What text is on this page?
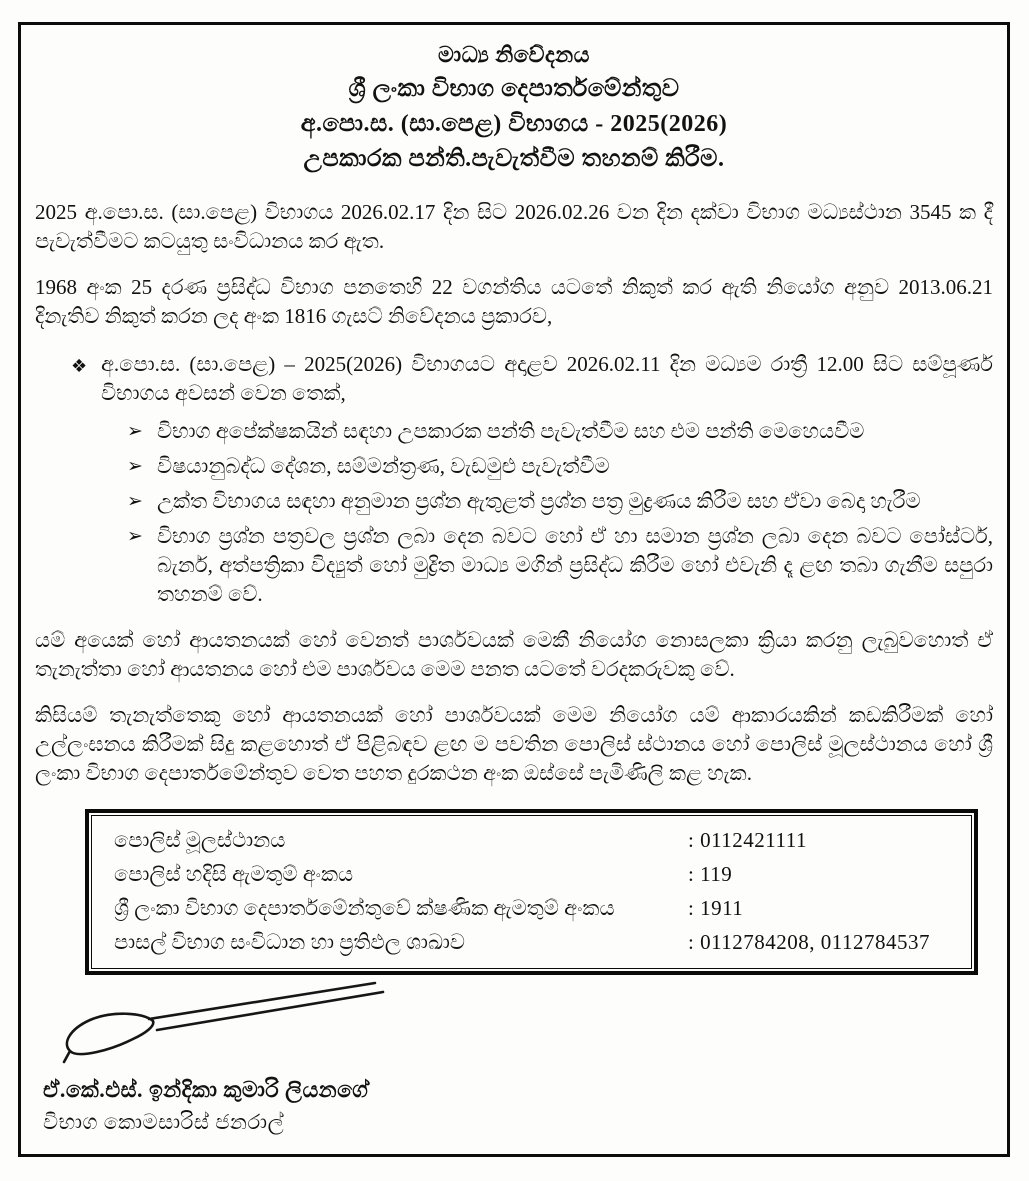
මාධ්‍ය නිවේදනය
ශ්‍රී ලංකා විභාග දෙපාර්තමේන්තුව
අ.පො.ස. (සා.පෙළ) විභාගය - 2025(2026)
උපකාරක පන්ති.පැවැත්වීම තහනම් කිරීම.

2025 අ.පො.ස. (සා.පෙළ) විභාගය 2026.02.17 දින සිට 2026.02.26 වන දින දක්වා විභාග මධ්‍යස්ථාන 3545 ක දී පැවැත්වීමට කටයුතු සංවිධානය කර ඇත.

1968 අංක 25 දරණ ප්‍රසිද්ධ විභාග පනතෙහි 22 වගන්තිය යටතේ නිකුත් කර ඇති නියෝග අනුව 2013.06.21 දිනැතිව නිකුත් කරන ලද අංක 1816 ගැසට් නිවේදනය ප්‍රකාරව,

❖ අ.පො.ස. (සා.පෙළ) – 2025(2026) විභාගයට අදාළව 2026.02.11 දින මධ්‍යම රාත්‍රී 12.00 සිට සම්පූර්ණ විභාගය අවසන් වෙන තෙක්,
➢ විභාග අපේක්ෂකයින් සඳහා උපකාරක පන්ති පැවැත්වීම සහ එම පන්ති මෙහෙයවීම
➢ විෂයානුබද්ධ දේශන, සම්මන්ත්‍රණ, වැඩමුළු පැවැත්වීම
➢ උක්ත විභාගය සඳහා අනුමාන ප්‍රශ්න ඇතුළත් ප්‍රශ්න පත්‍ර මුද්‍රණය කිරීම සහ ඒවා බෙදා හැරීම
➢ විභාග ප්‍රශ්න පත්‍රවල ප්‍රශ්න ලබා දෙන බවට හෝ ඒ හා සමාන ප්‍රශ්න ලබා දෙන බවට පෝස්ටර්, බැනර්, අත්පත්‍රිකා විද්‍යුත් හෝ මුද්‍රිත මාධ්‍ය මගින් ප්‍රසිද්ධ කිරීම හෝ එවැනි දෑ ළඟ තබා ගැනීම සපුරා තහනම් වේ.

යම් අයෙක් හෝ ආයතනයක් හෝ වෙනත් පාර්ශවයක් මෙකී නියෝග නොසලකා ක්‍රියා කරනු ලැබුවහොත් ඒ තැනැත්තා හෝ ආයතනය හෝ එම පාර්ශවය මෙම පනත යටතේ වරදකරුවකු වේ.

කිසියම් තැනැත්තෙකු හෝ ආයතනයක් හෝ පාර්ශවයක් මෙම නියෝග යම් ආකාරයකින් කඩකිරීමක් හෝ උල්ලංඝනය කිරීමක් සිදු කළහොත් ඒ පිළිබඳව ළඟ ම පවතින පොලිස් ස්ථානය හෝ පොලිස් මූලස්ථානය හෝ ශ්‍රී ලංකා විභාග දෙපාර්තමේන්තුව වෙත පහත දුරකථන අංක ඔස්සේ පැමිණිලි කළ හැක.

පොලිස් මූලස්ථානය	: 0112421111
පොලිස් හදිසි ඇමතුම් අංකය	: 119
ශ්‍රී ලංකා විභාග දෙපාර්තමේන්තුවේ ක්ෂණික ඇමතුම් අංකය	: 1911
පාසල් විභාග සංවිධාන හා ප්‍රතිඵල ශාඛාව	: 0112784208, 0112784537
ඒ.කේ.එස්. ඉන්දිකා කුමාරි ලියනගේ
විභාග කොමසාරිස් ජනරාල්
